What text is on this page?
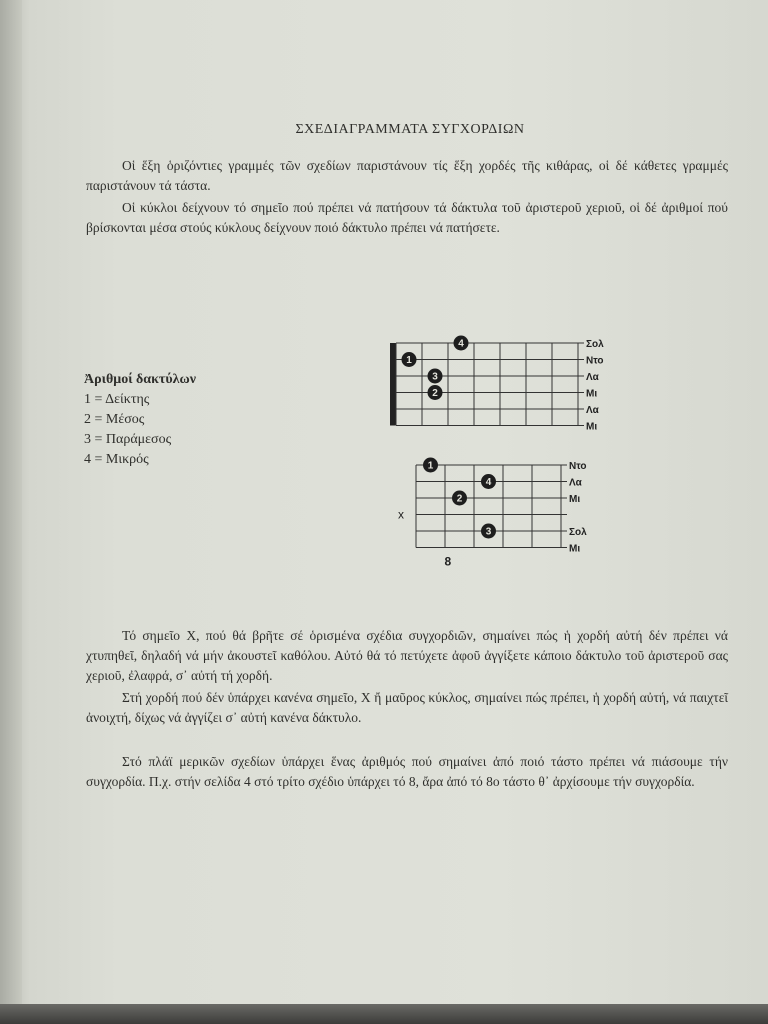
ΣΧΕΔΙΑΓΡΑΜΜΑΤΑ ΣΥΓΧΟΡΔΙΩΝ

Οἱ ἕξη ὁριζόντιες γραμμές τῶν σχεδίων παριστάνουν τίς ἕξη χορδές τῆς κιθάρας, οἱ δέ κάθετες γραμμές παριστάνουν τά τάστα.

Οἱ κύκλοι δείχνουν τό σημεῖο πού πρέπει νά πατήσουν τά δάκτυλα τοῦ ἀριστεροῦ χεριοῦ, οἱ δέ ἀριθμοί πού βρίσκονται μέσα στούς κύκλους δείχνουν ποιό δάκτυλο πρέπει νά πατήσετε.

Ἀριθμοί δακτύλων
1 = Δείκτης
2 = Μέσος
3 = Παράμεσος
4 = Μικρός
Σολ
Ντο
Λα
Μι
Λα
Μι
4
1
3
2
Ντο
Λα
Μι
Σολ
Μι
1
4
2
3
x
8

Τό σημεῖο Χ, πού θά βρῆτε σέ ὁρισμένα σχέδια συγχορδιῶν, σημαίνει πώς ἡ χορδή αὐτή δέν πρέπει νά χτυπηθεῖ, δηλαδή νά μήν ἀκουστεῖ καθόλου. Αὐτό θά τό πετύχετε ἀφοῦ ἀγγίξετε κάποιο δάκτυλο τοῦ ἀριστεροῦ σας χεριοῦ, ἐλαφρά, σ᾽ αὐτή τή χορδή.

Στή χορδή πού δέν ὑπάρχει κανένα σημεῖο, Χ ἤ μαῦρος κύκλος, σημαίνει πώς πρέπει, ἡ χορδή αὐτή, νά παιχτεῖ ἀνοιχτή, δίχως νά ἀγγίζει σ᾽ αὐτή κανένα δάκτυλο.

Στό πλάϊ μερικῶν σχεδίων ὑπάρχει ἕνας ἀριθμός πού σημαίνει ἀπό ποιό τάστο πρέπει νά πιάσουμε τήν συγχορδία. Π.χ. στήν σελίδα 4 στό τρίτο σχέδιο ὑπάρχει τό 8, ἄρα ἀπό τό 8ο τάστο θ᾽ ἀρχίσουμε τήν συγχορδία.
